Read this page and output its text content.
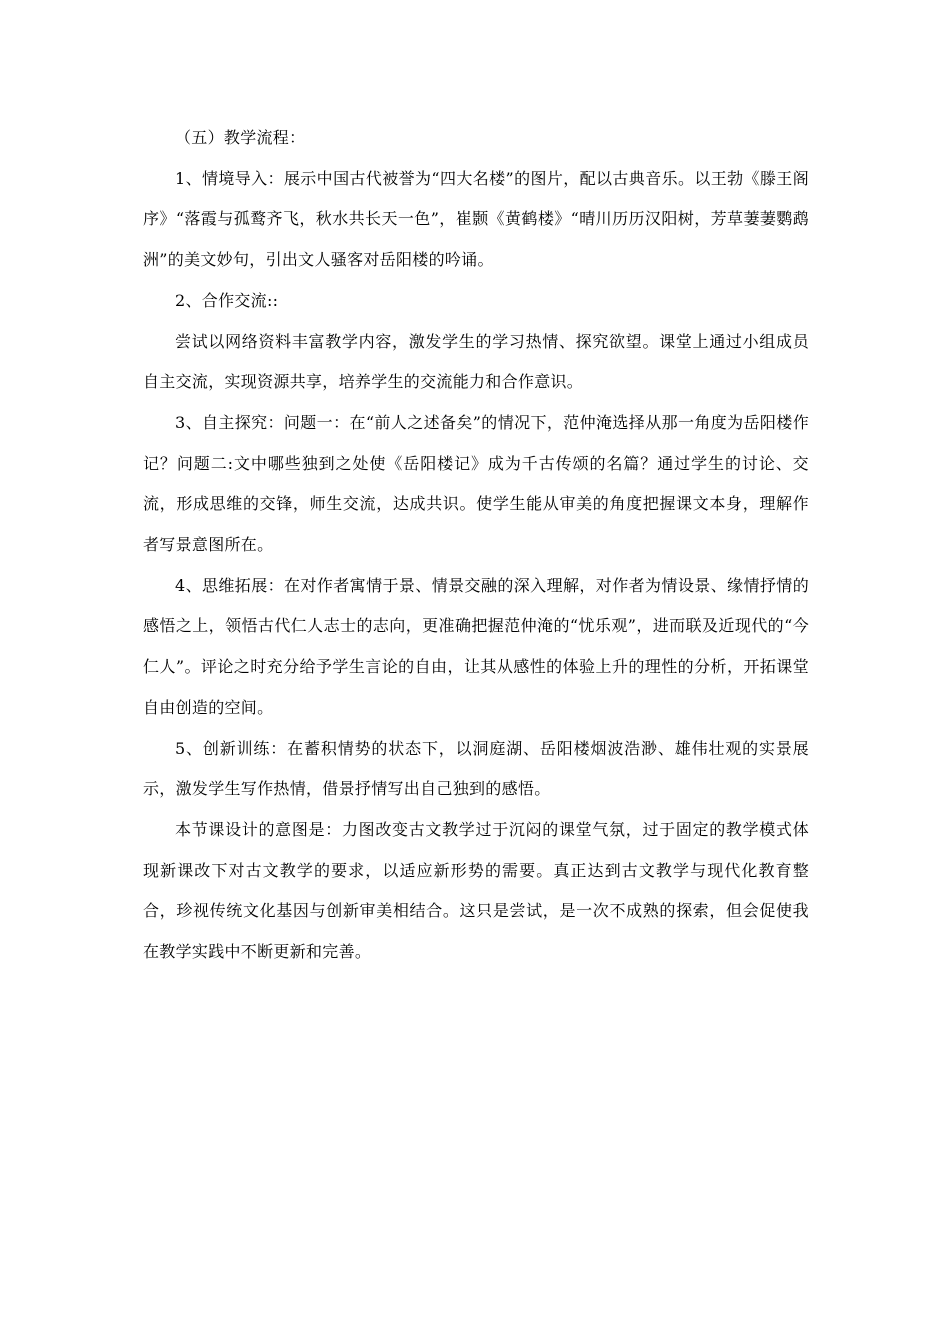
（五）教学流程：

1、情境导入：展示中国古代被誉为“四大名楼”的图片，配以古典音乐。以王勃《滕王阁序》“落霞与孤鹜齐飞，秋水共长天一色”，崔颢《黄鹤楼》“晴川历历汉阳树，芳草萋萋鹦鹉洲”的美文妙句，引出文人骚客对岳阳楼的吟诵。

2、合作交流::

尝试以网络资料丰富教学内容，激发学生的学习热情、探究欲望。课堂上通过小组成员自主交流，实现资源共享，培养学生的交流能力和合作意识。

3、自主探究：问题一：在“前人之述备矣”的情况下，范仲淹选择从那一角度为岳阳楼作记？问题二:文中哪些独到之处使《岳阳楼记》成为千古传颂的名篇？通过学生的讨论、交流，形成思维的交锋，师生交流，达成共识。使学生能从审美的角度把握课文本身，理解作者写景意图所在。

4、思维拓展：在对作者寓情于景、情景交融的深入理解，对作者为情设景、缘情抒情的感悟之上，领悟古代仁人志士的志向，更准确把握范仲淹的“忧乐观”，进而联及近现代的“今仁人”。评论之时充分给予学生言论的自由，让其从感性的体验上升的理性的分析，开拓课堂自由创造的空间。

5、创新训练：在蓄积情势的状态下，以洞庭湖、岳阳楼烟波浩渺、雄伟壮观的实景展示，激发学生写作热情，借景抒情写出自己独到的感悟。

本节课设计的意图是：力图改变古文教学过于沉闷的课堂气氛，过于固定的教学模式体现新课改下对古文教学的要求，以适应新形势的需要。真正达到古文教学与现代化教育整合，珍视传统文化基因与创新审美相结合。这只是尝试，是一次不成熟的探索，但会促使我在教学实践中不断更新和完善。
